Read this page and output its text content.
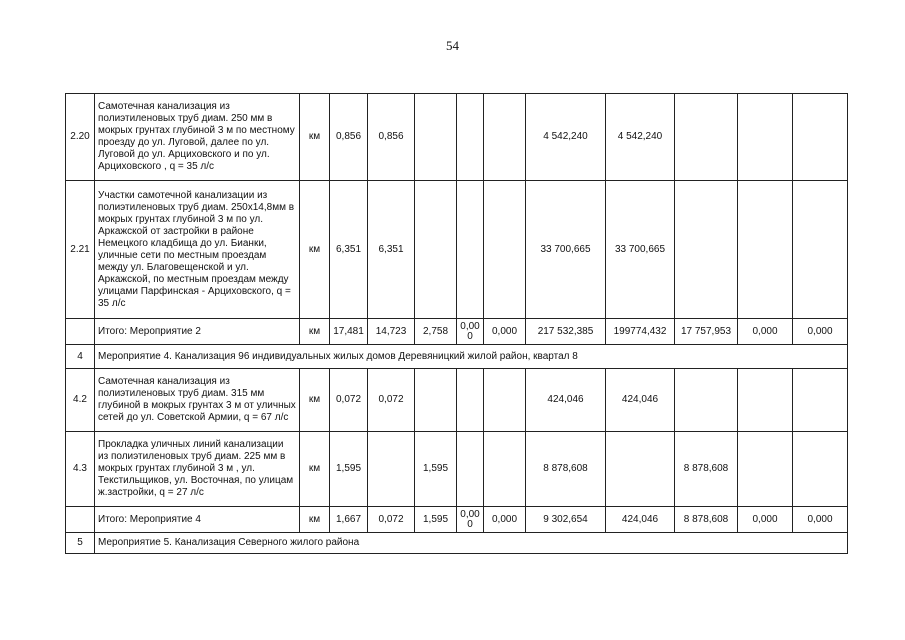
54
2.20	Самотечная канализация из полиэтиленовых труб диам. 250 мм в мокрых грунтах глубиной 3 м по местному проезду до ул. Луговой, далее по ул. Луговой до ул. Арциховского и по ул. Арциховского , q = 35 л/с	км	0,856	0,856				4 542,240	4 542,240			
2.21	Участки самотечной канализации из полиэтиленовых труб диам. 250х14,8мм в мокрых грунтах глубиной 3 м по ул. Аркажской от застройки в районе Немецкого кладбища до ул. Бианки, уличные сети по местным проездам между ул. Благовещенской и ул. Аркажской, по местным проездам между улицами Парфинская - Арциховского, q = 35 л/с	км	6,351	6,351				33 700,665	33 700,665			
	Итого: Мероприятие 2	км	17,481	14,723	2,758	0,00 0	0,000	217 532,385	199774,432	17 757,953	0,000	0,000
4	Мероприятие 4. Канализация 96 индивидуальных жилых домов Деревяницкий жилой район, квартал 8											
4.2	Самотечная канализация из полиэтиленовых труб диам. 315 мм глубиной в мокрых грунтах 3 м от уличных сетей до ул. Советской Армии, q = 67 л/с	км	0,072	0,072				424,046	424,046			
4.3	Прокладка уличных линий канализации из полиэтиленовых труб диам. 225 мм в мокрых грунтах глубиной 3 м , ул. Текстильщиков, ул. Восточная, по улицам ж.застройки, q = 27 л/с	км	1,595		1,595			8 878,608		8 878,608		
	Итого: Мероприятие 4	км	1,667	0,072	1,595	0,00 0	0,000	9 302,654	424,046	8 878,608	0,000	0,000
5	Мероприятие 5. Канализация Северного жилого района											
